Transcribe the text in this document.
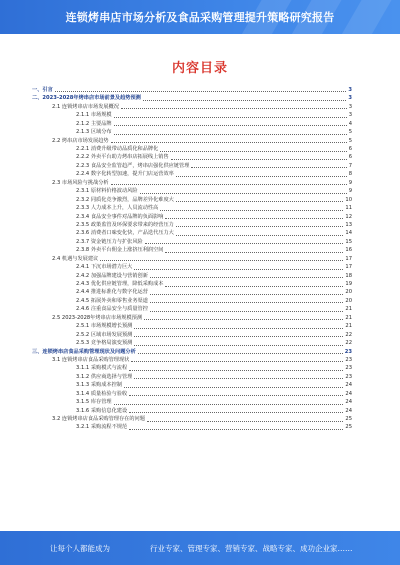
连锁烤串店市场分析及食品采购管理提升策略研究报告
内容目录
一、引言	3
二、2023-2028年烤串店市场前景及趋势预测	3
2.1 连锁烤串店市场发展概况	3
2.1.1 市场规模	3
2.1.2 主要品牌	4
2.1.3 区域分布	5
2.2 烤串店市场发展趋势	5
2.2.1 消费升级带动品质化和品牌化	6
2.2.2 外卖平台助力烤串店拓展线上销售	6
2.2.3 食品安全监管趋严，烤串店强化供应链管理	7
2.2.4 数字化转型加速，提升门店运营效率	8
2.3 市场风险与挑战分析	9
2.3.1 原材料价格波动风险	9
2.3.2 同质化竞争激烈，品牌差异化难度大	10
2.3.3 人力成本上升，人员流动性高	11
2.3.4 食品安全事件对品牌的负面影响	12
2.3.5 政策监管及环保要求带来的经营压力	13
2.3.6 消费者口味变化快，产品迭代压力大	14
2.3.7 资金链压力与扩张风险	15
2.3.8 外卖平台佣金上涨挤压利润空间	16
2.4 机遇与发展建议	17
2.4.1 下沉市场潜力巨大	17
2.4.2 加强品牌建设与营销创新	18
2.4.3 优化供应链管理，降低采购成本	19
2.4.4 推进标准化与数字化运营	20
2.4.5 拓展外卖和零售业务渠道	20
2.4.6 注重食品安全与质量管控	21
2.5 2023-2028年烤串店市场规模预测	21
2.5.1 市场规模增长预测	21
2.5.2 区域市场发展预测	22
2.5.3 竞争格局演变预测	22
三、连锁烤串店食品采购管理现状及问题分析	23
3.1 连锁烤串店食品采购管理现状	23
3.1.1 采购模式与流程	23
3.1.2 供应商选择与管理	23
3.1.3 采购成本控制	24
3.1.4 质量检验与验收	24
3.1.5 库存管理	24
3.1.6 采购信息化建设	24
3.2 连锁烤串店食品采购管理存在的问题	25
3.2.1 采购流程不规范	25
让每个人都能成为	行业专家、管理专家、营销专家、战略专家、成功企业家……
